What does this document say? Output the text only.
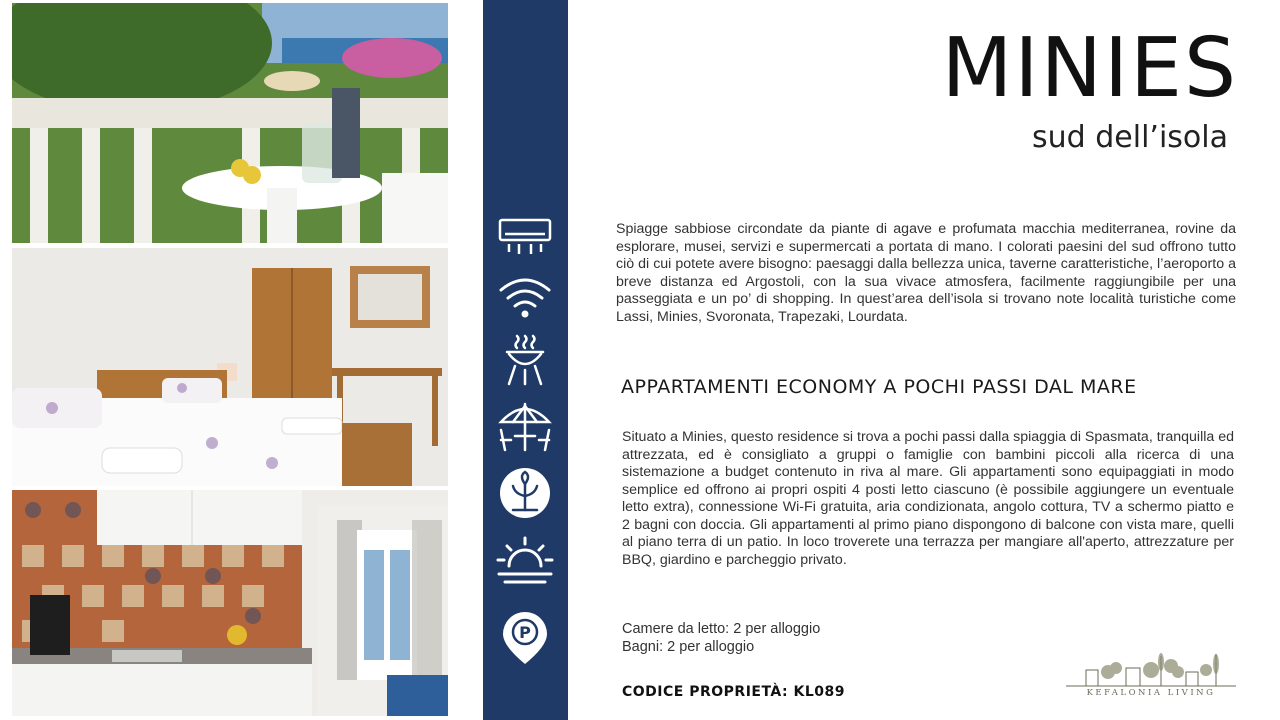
P
MINIES
sud dell’isola

Spiagge sabbiose circondate da piante di agave e profumata macchia mediterranea, rovine da esplorare, musei, servizi e supermercati a portata di mano. I colorati paesini del sud offrono tutto ciò di cui potete avere bisogno: paesaggi dalla bellezza unica, taverne caratteristiche, l’aeroporto a breve distanza ed Argostoli, con la sua vivace atmosfera, facilmente raggiungibile per una passeggiata e un po’ di shopping. In quest’area dell’isola si trovano note località turistiche come Lassi, Minies, Svoronata, Trapezaki, Lourdata.

APPARTAMENTI ECONOMY A POCHI PASSI DAL MARE

Situato a Minies, questo residence si trova a pochi passi dalla spiaggia di Spasmata, tranquilla ed attrezzata, ed è consigliato a gruppi o famiglie con bambini piccoli alla ricerca di una sistemazione a budget contenuto in riva al mare. Gli appartamenti sono equipaggiati in modo semplice ed offrono ai propri ospiti 4 posti letto ciascuno (è possibile aggiungere un eventuale letto extra), connessione Wi-Fi gratuita, aria condizionata, angolo cottura, TV a schermo piatto e 2 bagni con doccia. Gli appartamenti al primo piano dispongono di balcone con vista mare, quelli al piano terra di un patio. In loco troverete una terrazza per mangiare all'aperto, attrezzature per BBQ, giardino e parcheggio privato.

Camere da letto: 2 per alloggio
Bagni: 2 per alloggio
CODICE PROPRIETÀ: KL089	KEFALONIA LIVING
